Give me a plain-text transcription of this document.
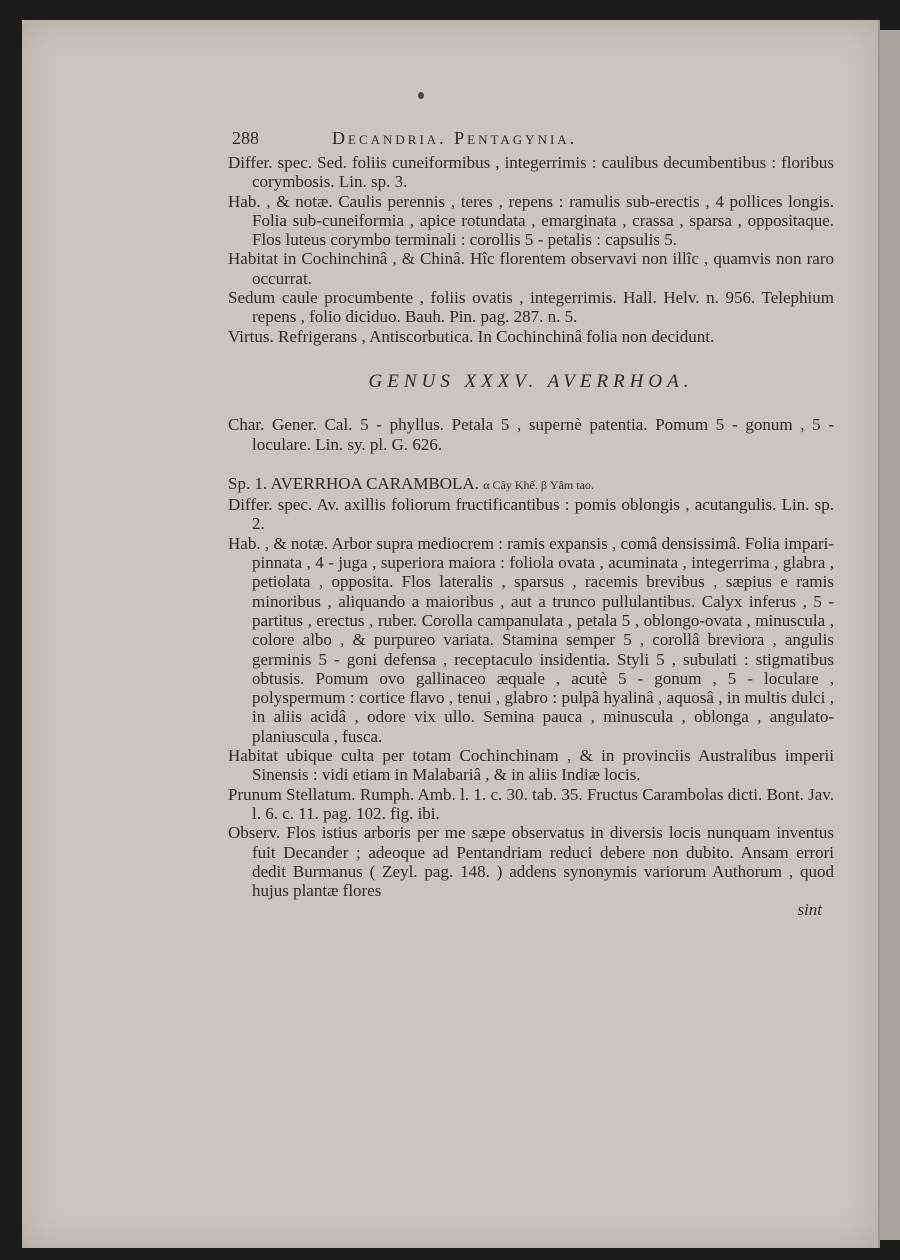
288	Decandria. Pentagynia.
Differ. spec. Sed. foliis cuneiformibus , integerrimis : caulibus decumbentibus : floribus corymbosis. Lin. sp. 3.
Hab. , & notæ. Caulis perennis , teres , repens : ramulis sub-erectis , 4 pollices longis. Folia sub-cuneiformia , apice rotundata , emarginata , crassa , sparsa , oppositaque. Flos luteus corymbo terminali : corollis 5 - petalis : capsulis 5.
Habitat in Cochinchinâ , & Chinâ. Hîc florentem observavi non illîc , quamvis non raro occurrat.
Sedum caule procumbente , foliis ovatis , integerrimis. Hall. Helv. n. 956. Telephium repens , folio diciduo. Bauh. Pin. pag. 287. n. 5.
Virtus. Refrigerans , Antiscorbutica. In Cochinchinâ folia non decidunt.
GENUS XXXV. AVERRHOA.
Char. Gener. Cal. 5 - phyllus. Petala 5 , supernè patentia. Pomum 5 - gonum , 5 - loculare. Lin. sy. pl. G. 626.
Sp. 1. AVERRHOA CARAMBOLA. α Cây Khế. β Yâm tao.
Differ. spec. Av. axillis foliorum fructificantibus : pomis oblongis , acutangulis. Lin. sp. 2.
Hab. , & notæ. Arbor supra mediocrem : ramis expansis , comâ densissimâ. Folia impari-pinnata , 4 - juga , superiora maiora : foliola ovata , acuminata , integerrima , glabra , petiolata , opposita. Flos lateralis , sparsus , racemis brevibus , sæpius e ramis minoribus , aliquando a maioribus , aut a trunco pullulantibus. Calyx inferus , 5 - partitus , erectus , ruber. Corolla campanulata , petala 5 , oblongo-ovata , minuscula , colore albo , & purpureo variata. Stamina semper 5 , corollâ breviora , angulis germinis 5 - goni defensa , receptaculo insidentia. Styli 5 , subulati : stigmatibus obtusis. Pomum ovo gallinaceo æquale , acutè 5 - gonum , 5 - loculare , polyspermum : cortice flavo , tenui , glabro : pulpâ hyalinâ , aquosâ , in multis dulci , in aliis acidâ , odore vix ullo. Semina pauca , minuscula , oblonga , angulato-planiuscula , fusca.
Habitat ubique culta per totam Cochinchinam , & in provinciis Australibus imperii Sinensis : vidi etiam in Malabariâ , & in aliis Indiæ locis.
Prunum Stellatum. Rumph. Amb. l. 1. c. 30. tab. 35. Fructus Carambolas dicti. Bont. Jav. l. 6. c. 11. pag. 102. fig. ibi.
Observ. Flos istius arboris per me sæpe observatus in diversis locis nunquam inventus fuit Decander ; adeoque ad Pentandriam reduci debere non dubito. Ansam errori dedit Burmanus ( Zeyl. pag. 148. ) addens synonymis variorum Authorum , quod hujus plantæ flores
sint
